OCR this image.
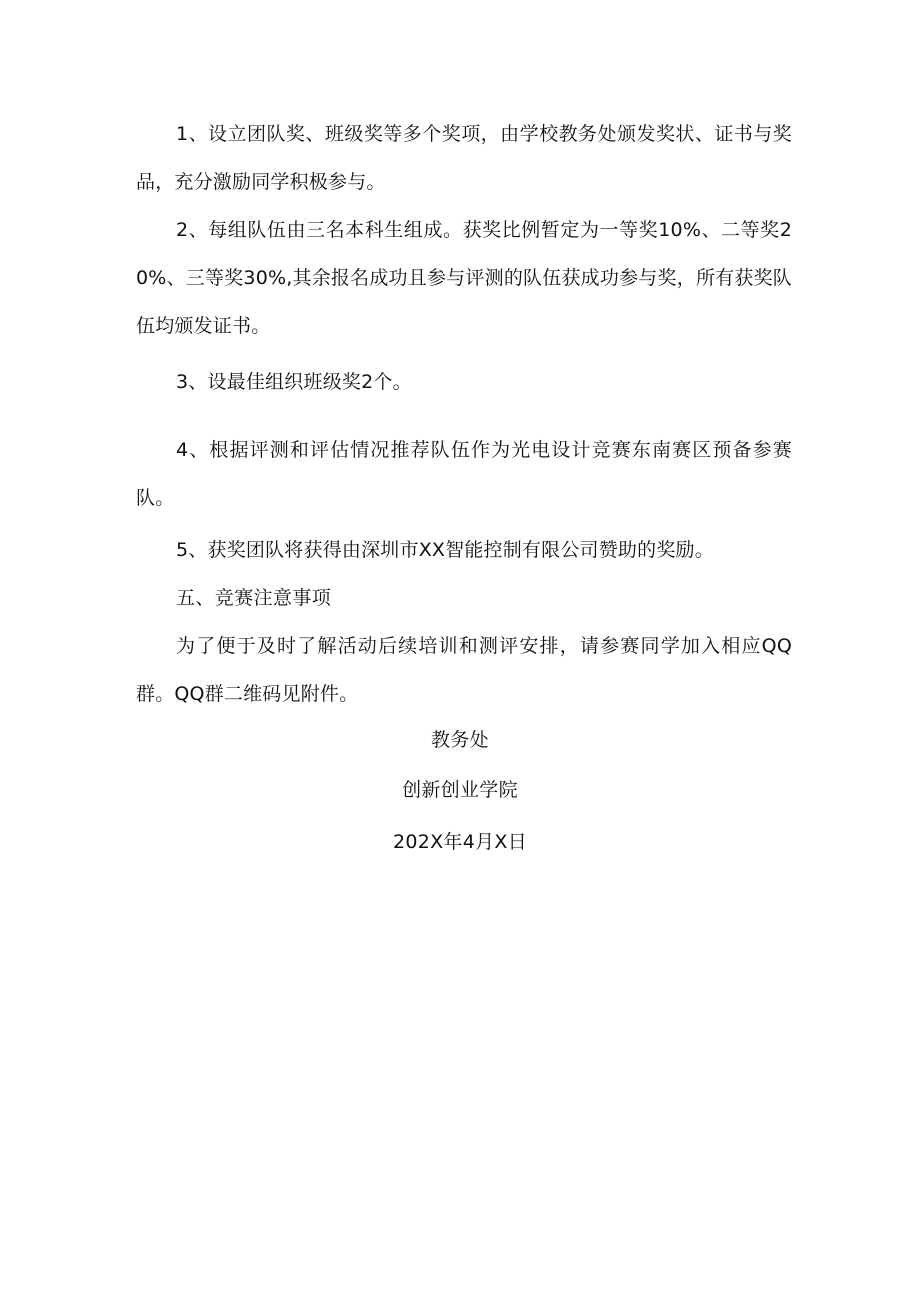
1、设立团队奖、班级奖等多个奖项，由学校教务处颁发奖状、证书与奖品，充分激励同学积极参与。

2、每组队伍由三名本科生组成。获奖比例暂定为一等奖10%、二等奖20%、三等奖30%,其余报名成功且参与评测的队伍获成功参与奖，所有获奖队伍均颁发证书。

3、设最佳组织班级奖2个。

4、根据评测和评估情况推荐队伍作为光电设计竞赛东南赛区预备参赛队。

5、获奖团队将获得由深圳市XX智能控制有限公司赞助的奖励。

五、竞赛注意事项

为了便于及时了解活动后续培训和测评安排，请参赛同学加入相应QQ群。QQ群二维码见附件。

教务处

创新创业学院

202X年4月X日
